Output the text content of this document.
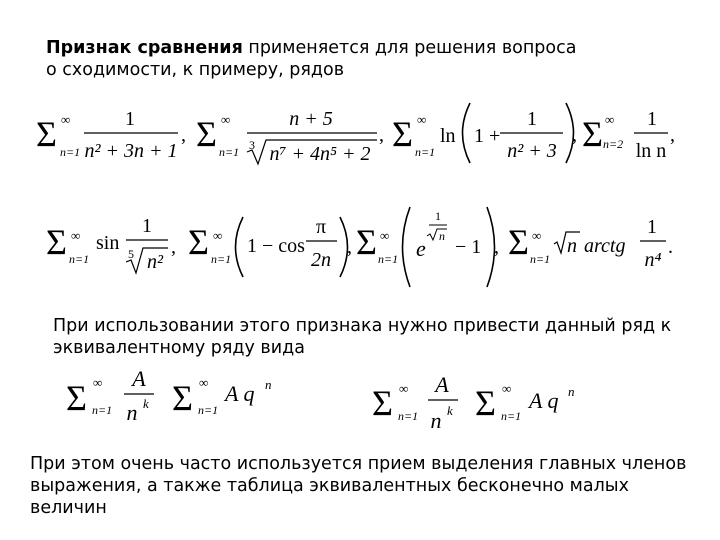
Признак сравнения применяется для решения вопроса
о сходимости, к примеру, рядов
При использовании этого признака нужно привести данный ряд к
эквивалентному ряду вида
При этом очень часто используется прием выделения главных членов
выражения, а также таблица эквивалентных бесконечно малых
величин
Σ ∞
n=1
1
n² + 3n + 1
, Σ ∞
n=1
n + 5
3 n⁷ + 4n⁵ + 2
, Σ ∞
n=1
ln 1 +
1
n² + 3
, Σ ∞
n=2
1
ln n
,
Σ ∞
n=1
sin
1
5 n²
, Σ ∞
n=1
1 − cos
π
2n
, Σ ∞
n=1 e
1
n − 1 , Σ ∞
n=1
n arctg
1
n⁴
.
Σ ∞
n=1
A
n k Σ ∞
n=1
A q n	Σ ∞
n=1
A
n k Σ ∞
n=1
A q n
